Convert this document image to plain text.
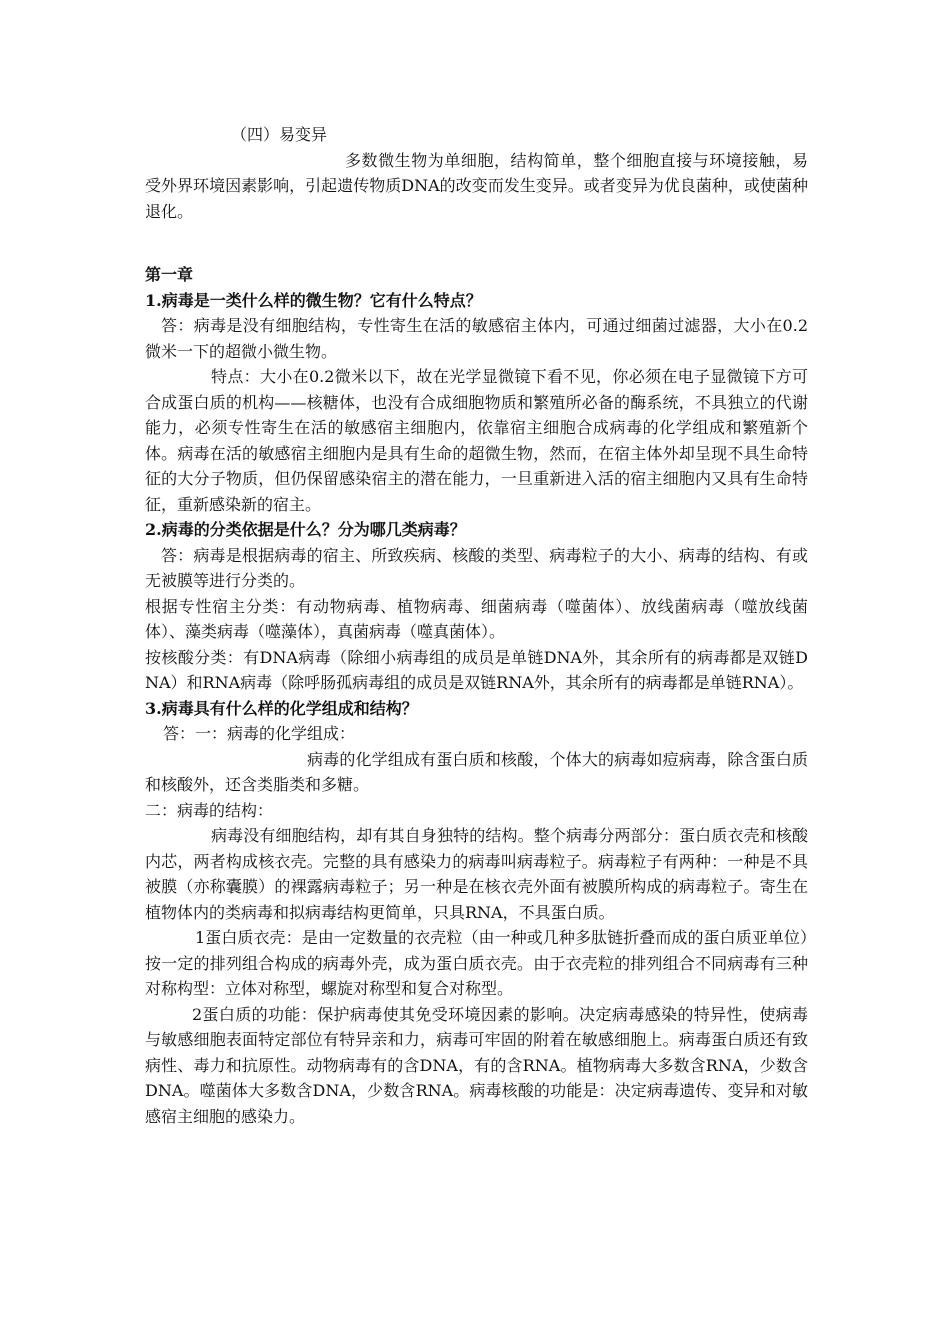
（四）易变异

多数微生物为单细胞，结构简单，整个细胞直接与环境接触，易受外界环境因素影响，引起遗传物质DNA的改变而发生变异。或者变异为优良菌种，或使菌种退化。

第一章

1.病毒是一类什么样的微生物？它有什么特点？

答：病毒是没有细胞结构，专性寄生在活的敏感宿主体内，可通过细菌过滤器，大小在0.2微米一下的超微小微生物。

特点：大小在0.2微米以下，故在光学显微镜下看不见，你必须在电子显微镜下方可合成蛋白质的机构——核糖体，也没有合成细胞物质和繁殖所必备的酶系统，不具独立的代谢能力，必须专性寄生在活的敏感宿主细胞内，依靠宿主细胞合成病毒的化学组成和繁殖新个体。病毒在活的敏感宿主细胞内是具有生命的超微生物，然而，在宿主体外却呈现不具生命特征的大分子物质，但仍保留感染宿主的潜在能力，一旦重新进入活的宿主细胞内又具有生命特征，重新感染新的宿主。

2.病毒的分类依据是什么？分为哪几类病毒？

答：病毒是根据病毒的宿主、所致疾病、核酸的类型、病毒粒子的大小、病毒的结构、有或无被膜等进行分类的。

根据专性宿主分类：有动物病毒、植物病毒、细菌病毒（噬菌体）、放线菌病毒（噬放线菌体）、藻类病毒（噬藻体），真菌病毒（噬真菌体）。

按核酸分类：有DNA病毒（除细小病毒组的成员是单链DNA外，其余所有的病毒都是双链DNA）和RNA病毒（除呼肠孤病毒组的成员是双链RNA外，其余所有的病毒都是单链RNA）。

3.病毒具有什么样的化学组成和结构？

答：一：病毒的化学组成：

病毒的化学组成有蛋白质和核酸，个体大的病毒如痘病毒，除含蛋白质和核酸外，还含类脂类和多糖。

二：病毒的结构：

病毒没有细胞结构，却有其自身独特的结构。整个病毒分两部分：蛋白质衣壳和核酸内芯，两者构成核衣壳。完整的具有感染力的病毒叫病毒粒子。病毒粒子有两种：一种是不具被膜（亦称囊膜）的裸露病毒粒子；另一种是在核衣壳外面有被膜所构成的病毒粒子。寄生在植物体内的类病毒和拟病毒结构更简单，只具RNA，不具蛋白质。

1蛋白质衣壳：是由一定数量的衣壳粒（由一种或几种多肽链折叠而成的蛋白质亚单位）按一定的排列组合构成的病毒外壳，成为蛋白质衣壳。由于衣壳粒的排列组合不同病毒有三种对称构型：立体对称型，螺旋对称型和复合对称型。

2蛋白质的功能：保护病毒使其免受环境因素的影响。决定病毒感染的特异性，使病毒与敏感细胞表面特定部位有特异亲和力，病毒可牢固的附着在敏感细胞上。病毒蛋白质还有致病性、毒力和抗原性。动物病毒有的含DNA，有的含RNA。植物病毒大多数含RNA，少数含DNA。噬菌体大多数含DNA，少数含RNA。病毒核酸的功能是：决定病毒遗传、变异和对敏感宿主细胞的感染力。
